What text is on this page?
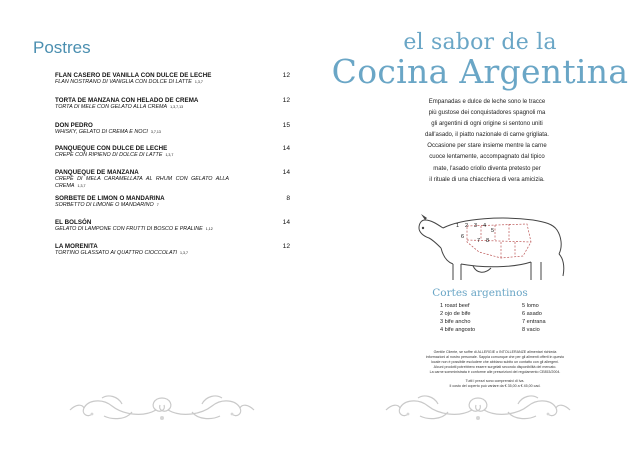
Postres
FLAN CASERO DE VANILLA CON DULCE DE LECHE
FLAN NOSTRANO DI VANIGLIA CON DOLCE DI LATTE 1,3,7
12
TORTA DE MANZANA CON HELADO DE CREMA
TORTA DI MELE CON GELATO ALLA CREMA 1,3,7,13
12
DON PEDRO
WHISKY, GELATO DI CREMA E NOCI 3,7,13
15
PANQUEQUE CON DULCE DE LECHE
CREPE CON RIPIENO DI DOLCE DI LATTE 1,3,7
14
PANQUEQUE DE MANZANA
CREPÈ DI MELA CARAMELLATA AL RHUM CON GELATO ALLA CREMA 1,3,7
14
SORBETE DE LIMON O MANDARINA
SORBETTO DI LIMONE O MANDARINO 7
8
EL BOLSÓN
GELATO DI LAMPONE CON FRUTTI DI BOSCO E PRALINE 1,12
14
LA MORENITA
TORTINO GLASSATO AI QUATTRO CIOCCOLATI 1,3,7
12
el sabor de la
Cocina Argentina
Empanadas e dulce de leche sono le tracce
più gustose dei conquistadores spagnoli ma
gli argentini di ogni origine si sentono uniti
dall'asado, il piatto nazionale di carne grigliata.
Occasione per stare insieme mentre la carne
cuoce lentamente, accompagnato dal tipico
mate, l'asado criollo diventa pretesto per
il rituale di una chiacchiera di vera amicizia.
1 2 3 4
5
6
7 8
Cortes argentinos
1 roast beef
2 ojo de bife
3 bife ancho
4 bife angosto
5 lomo
6 asado
7 entrana
8 vacio

Gentile Cliente, se soffre di ALLERGIE o INTOLLERANZE alimentari richieda
informazioni al nostro personale. Sappia comunque che per gli alimenti offerti in questo
locale non è possibile escludere che abbiano subito un contatto con gli allergeni.
Alcuni prodotti potrebbero essere surgelati secondo disponibilità del mercato.
La carne somministrata è conforme alle prescrizioni del regolamento CE853/2004.

Tutti i prezzi sono comprensivi di Iva.
Il costo del coperto può variare da € 35,00 a € 45,00 cad.
